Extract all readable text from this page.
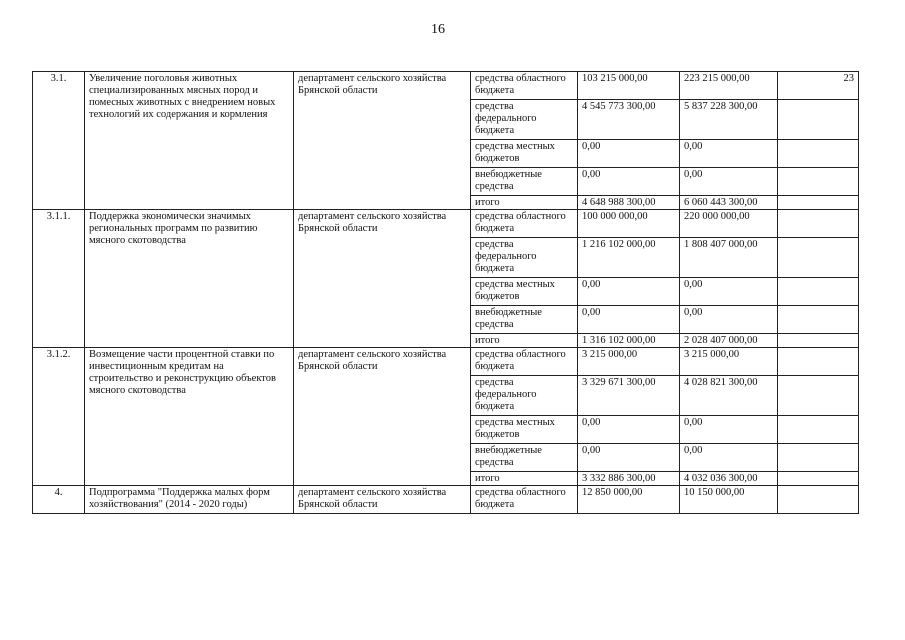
16
3.1.	Увеличение поголовья животных специализированных мясных пород и помесных животных с внедрением новых технологий их содержания и кормления	департамент сельского хозяйства Брянской области	средства областного бюджета	103 215 000,00	223 215 000,00	23
			средства федерального бюджета	4 545 773 300,00	5 837 228 300,00	
			средства местных бюджетов	0,00	0,00	
			внебюджетные средства	0,00	0,00	
			итого	4 648 988 300,00	6 060 443 300,00	
3.1.1.	Поддержка экономически значимых региональных программ по развитию мясного скотоводства	департамент сельского хозяйства Брянской области	средства областного бюджета	100 000 000,00	220 000 000,00	
			средства федерального бюджета	1 216 102 000,00	1 808 407 000,00	
			средства местных бюджетов	0,00	0,00	
			внебюджетные средства	0,00	0,00	
			итого	1 316 102 000,00	2 028 407 000,00	
3.1.2.	Возмещение части процентной ставки по инвестиционным кредитам на строительство и реконструкцию объектов мясного скотоводства	департамент сельского хозяйства Брянской области	средства областного бюджета	3 215 000,00	3 215 000,00	
			средства федерального бюджета	3 329 671 300,00	4 028 821 300,00	
			средства местных бюджетов	0,00	0,00	
			внебюджетные средства	0,00	0,00	
			итого	3 332 886 300,00	4 032 036 300,00	
4.	Подпрограмма "Поддержка малых форм хозяйствования" (2014 - 2020 годы)	департамент сельского хозяйства Брянской области	средства областного бюджета	12 850 000,00	10 150 000,00	
